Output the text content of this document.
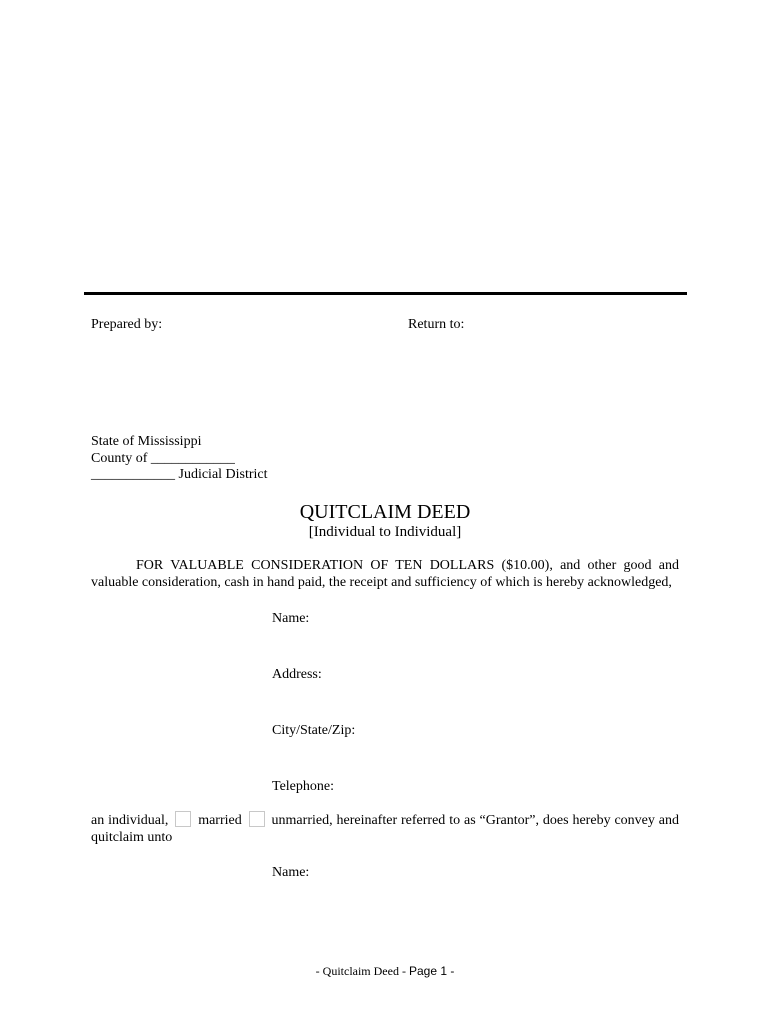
Prepared by:	Return to:
State of Mississippi
County of ____________
____________ Judicial District
QUITCLAIM DEED
[Individual to Individual]
FOR VALUABLE CONSIDERATION OF TEN DOLLARS ($10.00), and other good and valuable consideration, cash in hand paid, the receipt and sufficiency of which is hereby acknowledged,
Name:
Address:
City/State/Zip:
Telephone:
an individual, married unmarried, hereinafter referred to as “Grantor”, does hereby convey and quitclaim unto
Name:
- Quitclaim Deed - Page 1 -
